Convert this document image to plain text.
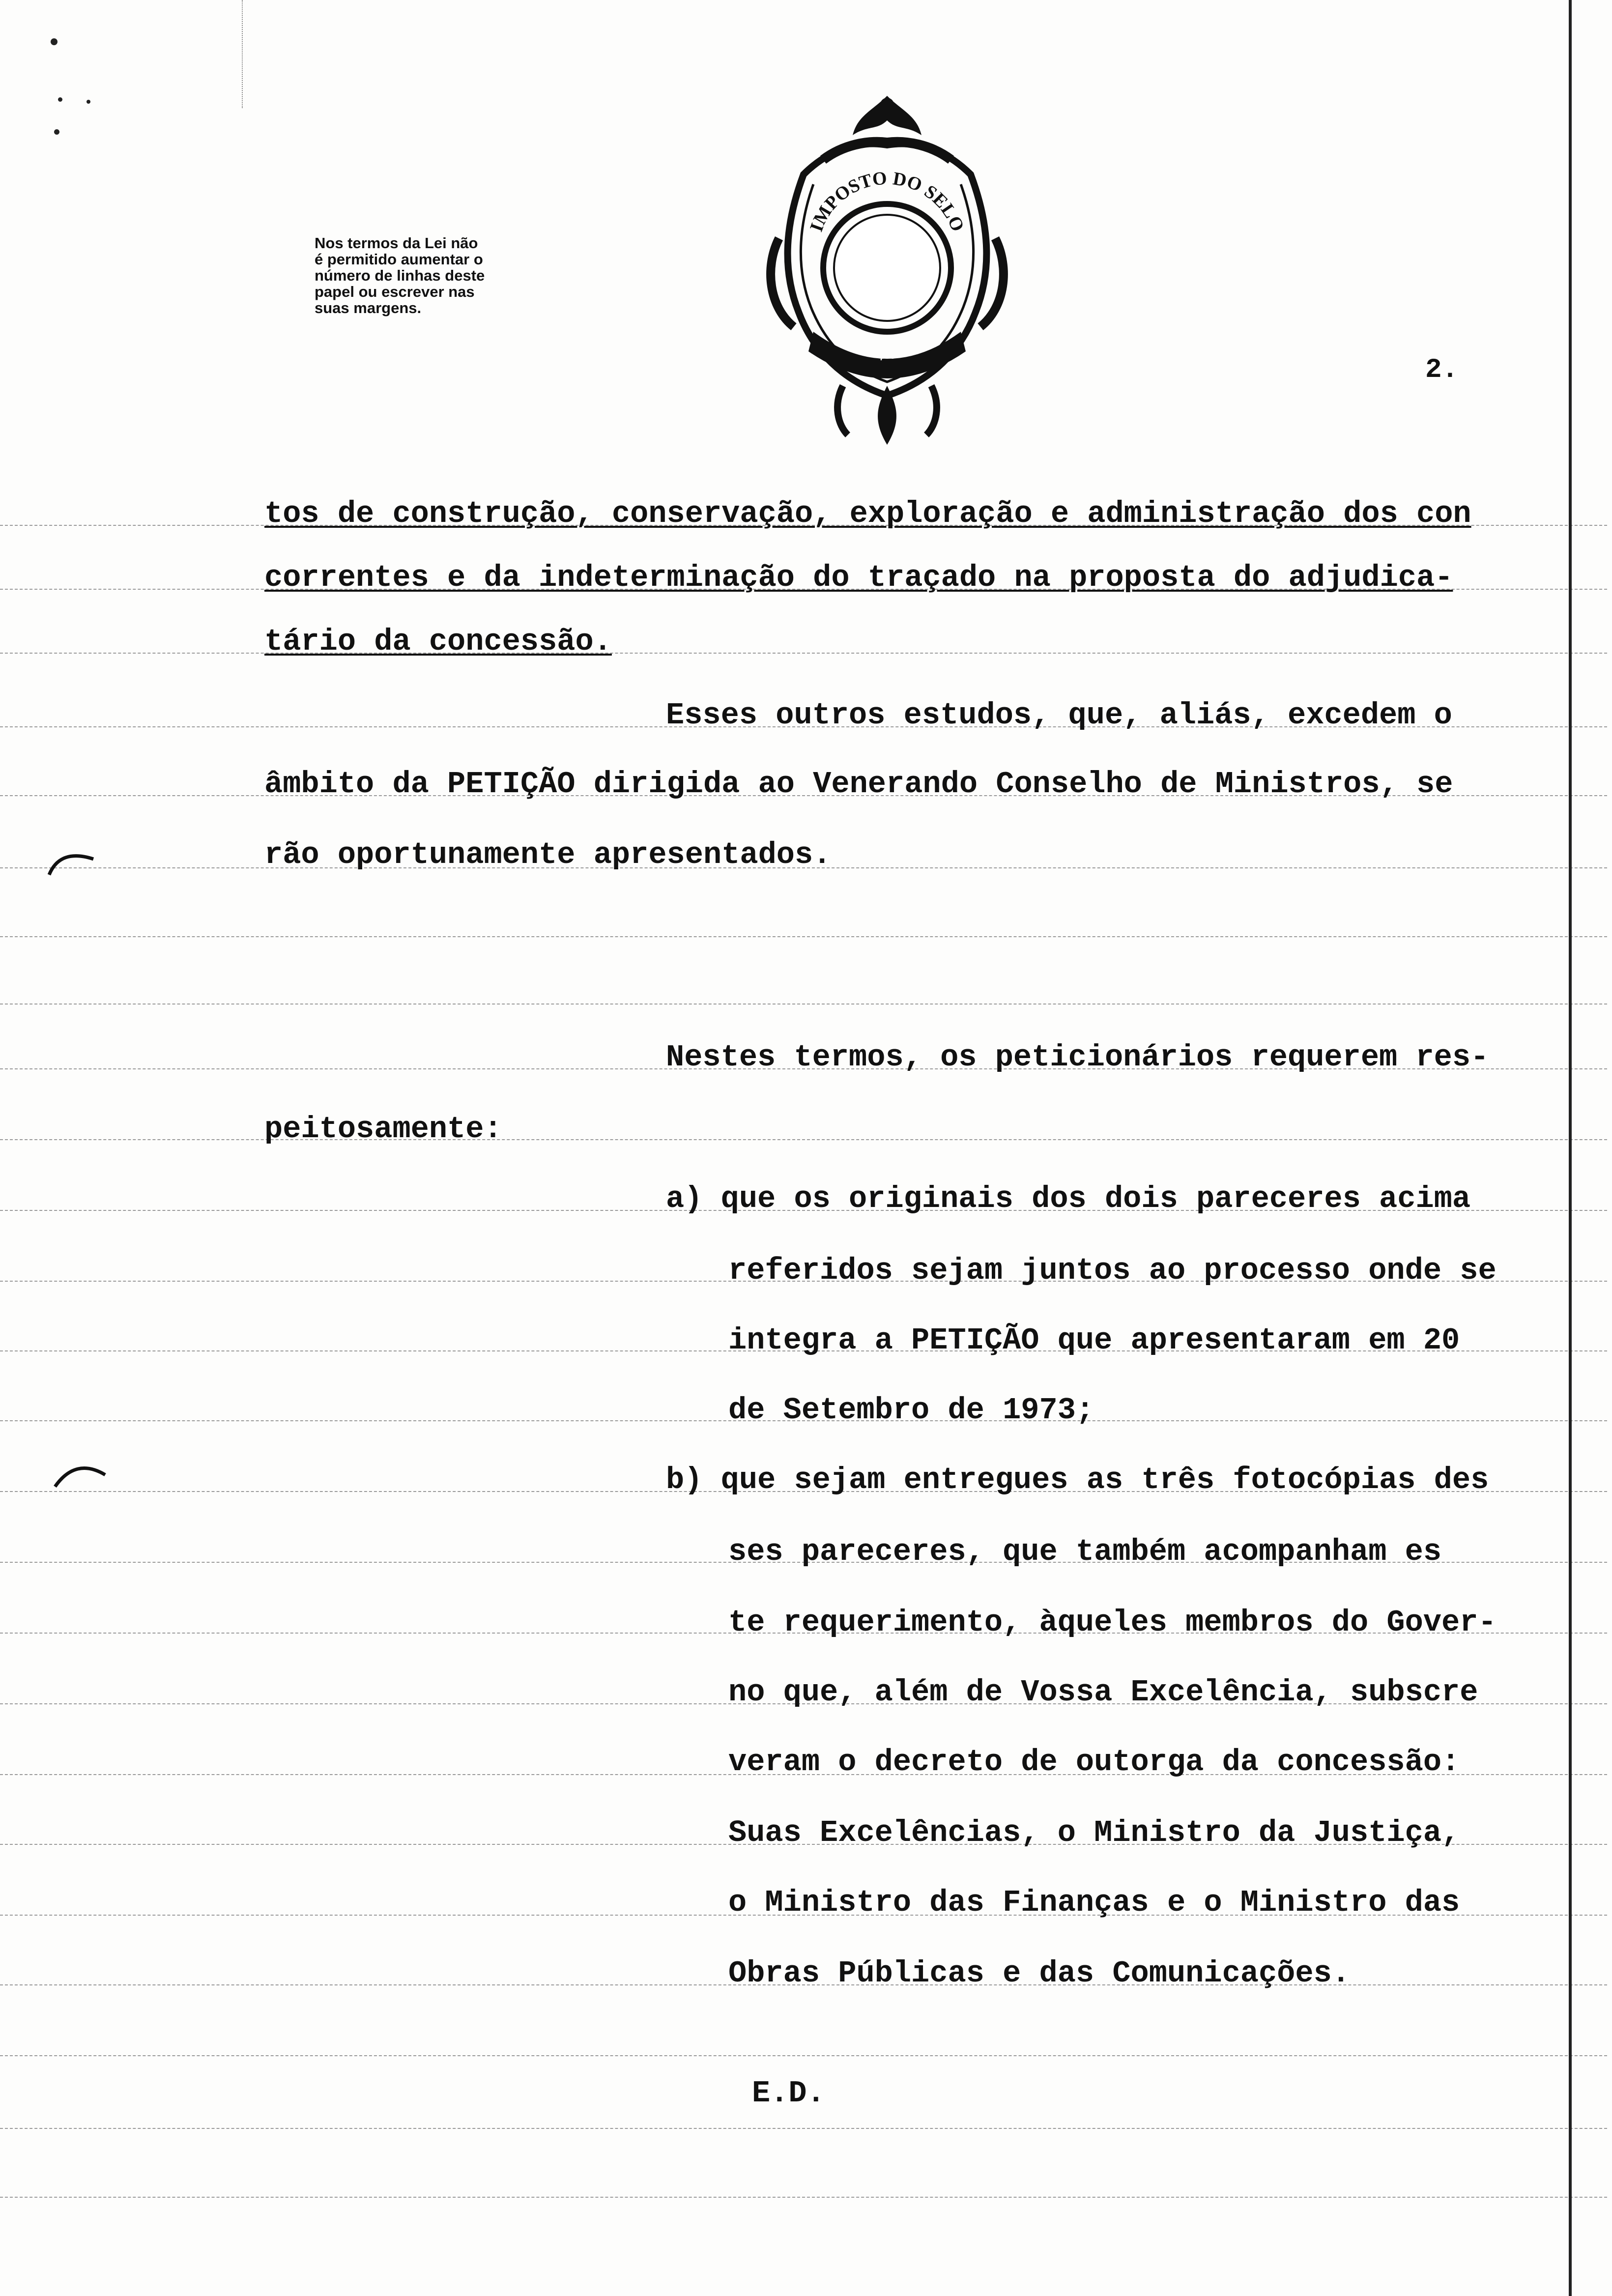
Nos termos da Lei não
é permitido aumentar o
número de linhas deste
papel ou escrever nas
suas margens.
IMPOSTO DO SELO
6$00
2.
tos de construção, conservação, exploração e administração dos con
correntes e da indeterminação do traçado na proposta do adjudica-
tário da concessão.
Esses outros estudos, que, aliás, excedem o
âmbito da PETIÇÃO dirigida ao Venerando Conselho de Ministros, se
rão oportunamente apresentados.
Nestes termos, os peticionários requerem res-
peitosamente:
a) que os originais dos dois pareceres acima
referidos sejam juntos ao processo onde se
integra a PETIÇÃO que apresentaram em 20
de Setembro de 1973;
b) que sejam entregues as três fotocópias des
ses pareceres, que também acompanham es
te requerimento, àqueles membros do Gover-
no que, além de Vossa Excelência, subscre
veram o decreto de outorga da concessão:
Suas Excelências, o Ministro da Justiça,
o Ministro das Finanças e o Ministro das
Obras Públicas e das Comunicações.
E.D.
